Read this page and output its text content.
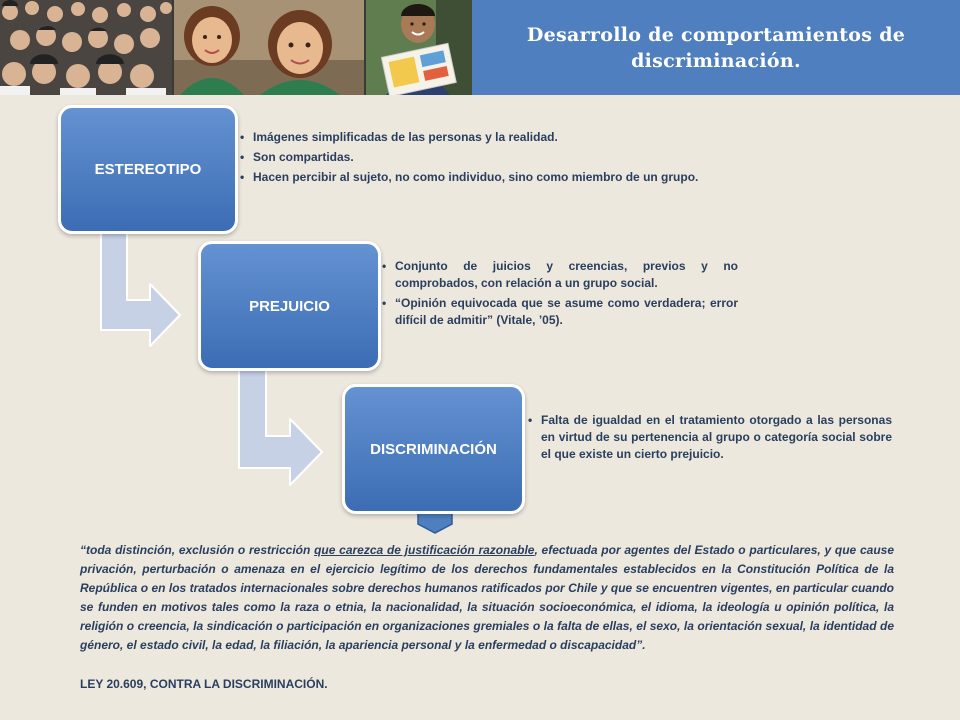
Desarrollo de comportamientos de discriminación.
ESTEREOTIPO
• Imágenes simplificadas de las personas y la realidad.
• Son compartidas.
• Hacen percibir al sujeto, no como individuo, sino como miembro de un grupo.
PREJUICIO
• Conjunto de juicios y creencias, previos y no comprobados, con relación a un grupo social.
• “Opinión equivocada que se asume como verdadera; error difícil de admitir” (Vitale, ’05).
DISCRIMINACIÓN
• Falta de igualdad en el tratamiento otorgado a las personas en virtud de su pertenencia al grupo o categoría social sobre el que existe un cierto prejuicio.

“toda distinción, exclusión o restricción que carezca de justificación razonable, efectuada por agentes del Estado o particulares, y que cause privación, perturbación o amenaza en el ejercicio legítimo de los derechos fundamentales establecidos en la Constitución Política de la República o en los tratados internacionales sobre derechos humanos ratificados por Chile y que se encuentren vigentes, en particular cuando se funden en motivos tales como la raza o etnia, la nacionalidad, la situación socioeconómica, el idioma, la ideología u opinión política, la religión o creencia, la sindicación o participación en organizaciones gremiales o la falta de ellas, el sexo, la orientación sexual, la identidad de género, el estado civil, la edad, la filiación, la apariencia personal y la enfermedad o discapacidad”.

LEY 20.609, CONTRA LA DISCRIMINACIÓN.
